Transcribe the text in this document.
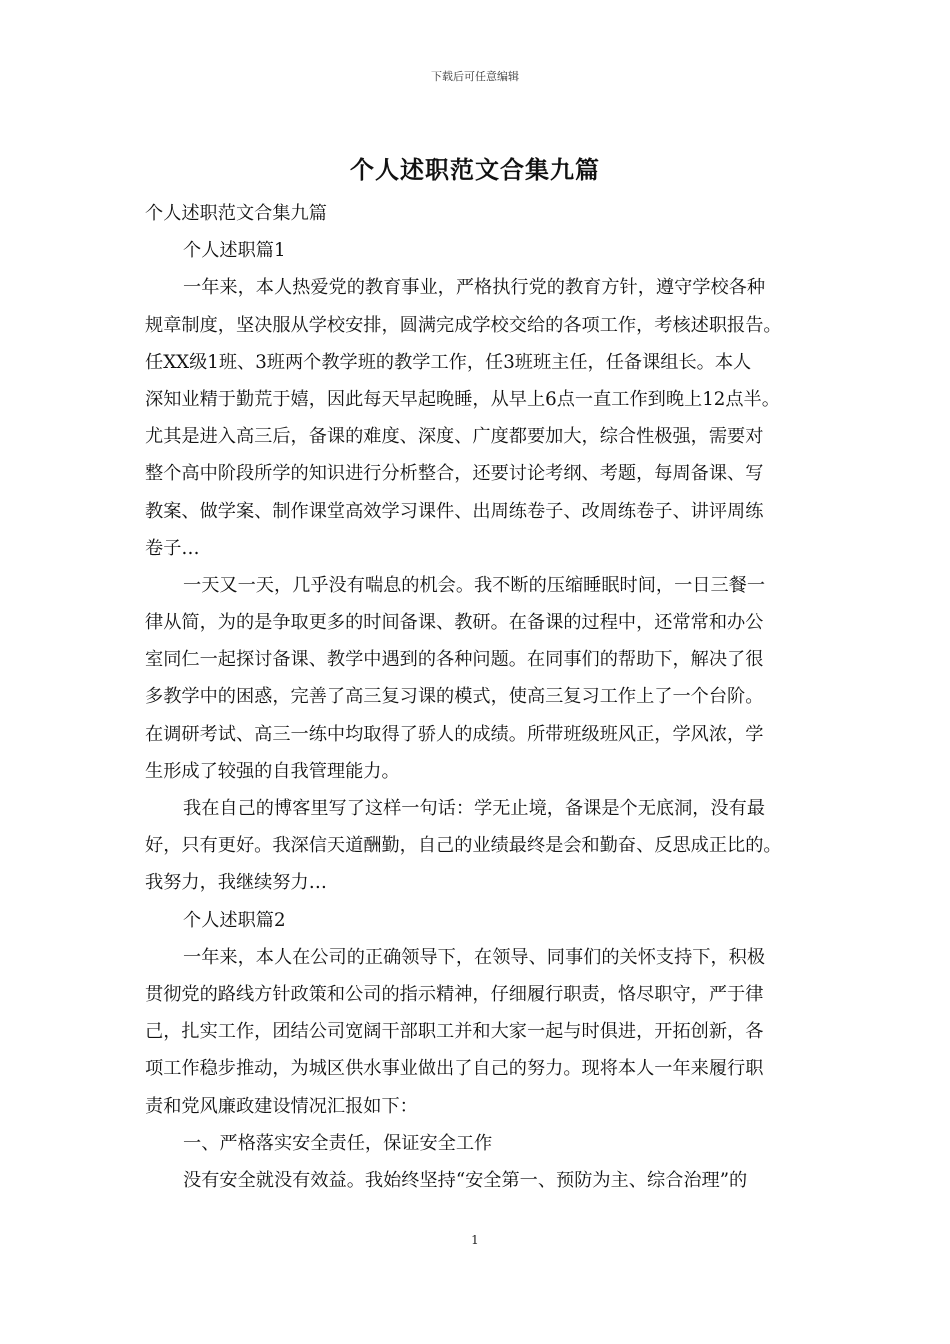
下载后可任意编辑
个人述职范文合集九篇
个人述职范文合集九篇
个人述职篇1
一年来，本人热爱党的教育事业，严格执行党的教育方针，遵守学校各种
规章制度，坚决服从学校安排，圆满完成学校交给的各项工作，考核述职报告。
任XX级1班、3班两个教学班的教学工作，任3班班主任，任备课组长。本人
深知业精于勤荒于嬉，因此每天早起晚睡，从早上6点一直工作到晚上12点半。
尤其是进入高三后，备课的难度、深度、广度都要加大，综合性极强，需要对
整个高中阶段所学的知识进行分析整合，还要讨论考纲、考题，每周备课、写
教案、做学案、制作课堂高效学习课件、出周练卷子、改周练卷子、讲评周练
卷子…
一天又一天，几乎没有喘息的机会。我不断的压缩睡眠时间，一日三餐一
律从简，为的是争取更多的时间备课、教研。在备课的过程中，还常常和办公
室同仁一起探讨备课、教学中遇到的各种问题。在同事们的帮助下，解决了很
多教学中的困惑，完善了高三复习课的模式，使高三复习工作上了一个台阶。
在调研考试、高三一练中均取得了骄人的成绩。所带班级班风正，学风浓，学
生形成了较强的自我管理能力。
我在自己的博客里写了这样一句话：学无止境，备课是个无底洞，没有最
好，只有更好。我深信天道酬勤，自己的业绩最终是会和勤奋、反思成正比的。
我努力，我继续努力…
个人述职篇2
一年来，本人在公司的正确领导下，在领导、同事们的关怀支持下，积极
贯彻党的路线方针政策和公司的指示精神，仔细履行职责，恪尽职守，严于律
己，扎实工作，团结公司宽阔干部职工并和大家一起与时俱进，开拓创新，各
项工作稳步推动，为城区供水事业做出了自己的努力。现将本人一年来履行职
责和党风廉政建设情况汇报如下：
一、严格落实安全责任，保证安全工作
没有安全就没有效益。我始终坚持“安全第一、预防为主、综合治理”的
1
